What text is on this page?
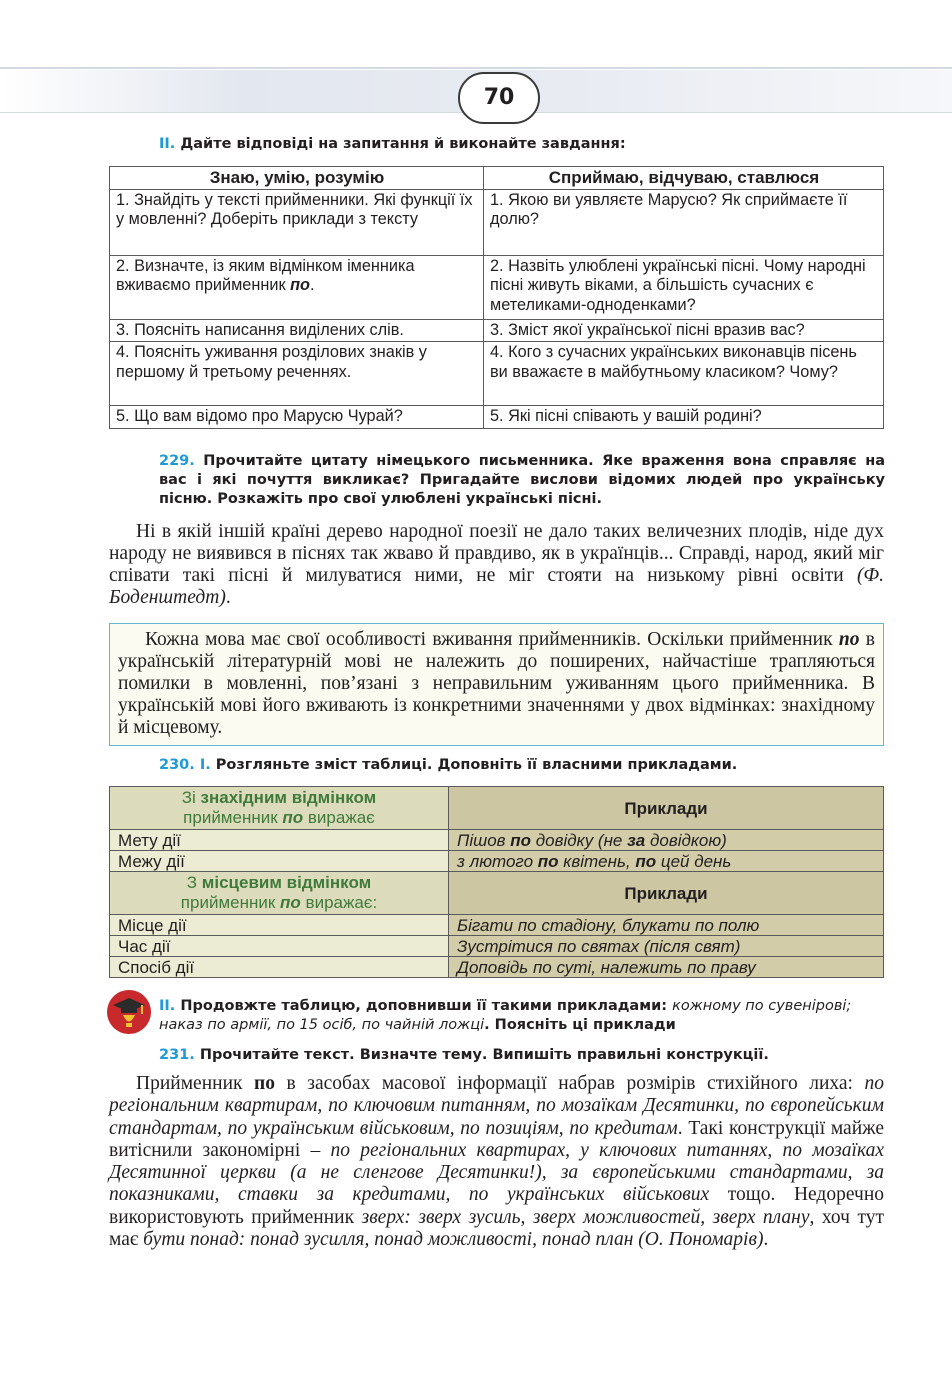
70
II. Дайте відповіді на запитання й виконайте завдання:
Знаю, умію, розумію	Сприймаю, відчуваю, ставлюся
1. Знайдіть у тексті прийменники. Які функції їх у мовленні? Доберіть приклади з тексту	1. Якою ви уявляєте Марусю? Як сприймаєте її долю?
2. Визначте, із яким відмінком іменника вживаємо прийменник по.	2. Назвіть улюблені українські пісні. Чому народні пісні живуть віками, а більшість сучасних є метеликами-одноденками?
3. Поясніть написання виділених слів.	3. Зміст якої української пісні вразив вас?
4. Поясніть уживання розділових знаків у першому й третьому реченнях.	4. Кого з сучасних українських виконавців пісень ви вважаєте в майбутньому класиком? Чому?
5. Що вам відомо про Марусю Чурай?	5. Які пісні співають у вашій родині?
229. Прочитайте цитату німецького письменника. Яке враження вона справляє на вас і які почуття викликає? Пригадайте вислови відомих людей про українську пісню. Розкажіть про свої улюблені українські пісні.
Ні в якій іншій країні дерево народної поезії не дало таких величезних плодів, ніде дух народу не виявився в піснях так жваво й правдиво, як в українців... Справді, народ, який міг співати такі пісні й милуватися ними, не міг стояти на низькому рівні освіти (Ф. Боденштедт).
Кожна мова має свої особливості вживання прийменників. Оскільки прийменник по в українській літературній мові не належить до поширених, найчастіше трапляються помилки в мовленні, пов’язані з неправильним уживанням цього прийменника. В українській мові його вживають із конкретними значеннями у двох відмінках: знахідному й місцевому.
230. I. Розгляньте зміст таблиці. Доповніть її власними прикладами.
Зі знахідним відмінком
прийменник по виражає	Приклади
Мету дії	Пішов по довідку (не за довідкою)
Межу дії	з лютого по квітень, по цей день

З місцевим відмінком
прийменник по виражає:	Приклади
Місце дії	Бігати по стадіону, блукати по полю
Час дії	Зустрітися по святах (після свят)
Спосіб дії	Доповідь по суті, належить по праву
II. Продовжте таблицю, доповнивши її такими прикладами: кожному по сувенірові; наказ по армії, по 15 осіб, по чайній ложці. Поясніть ці приклади
231. Прочитайте текст. Визначте тему. Випишіть правильні конструкції.
Прийменник по в засобах масової інформації набрав розмірів стихійного лиха: по регіональним квартирам, по ключовим питанням, по мозаїкам Десятинки, по європейським стандартам, по українським військовим, по позиціям, по кредитам. Такі конструкції майже витіснили закономірні – по регіональних квартирах, у ключових питаннях, по мозаїках Десятинної церкви (а не сленгове Десятинки!), за європейськими стандартами, за показниками, ставки за кредитами, по українських військових тощо. Недоречно використовують прийменник зверх: зверх зусиль, зверх можливостей, зверх плану, хоч тут має бути понад: понад зусилля, понад можливості, понад план (О. Пономарів).
